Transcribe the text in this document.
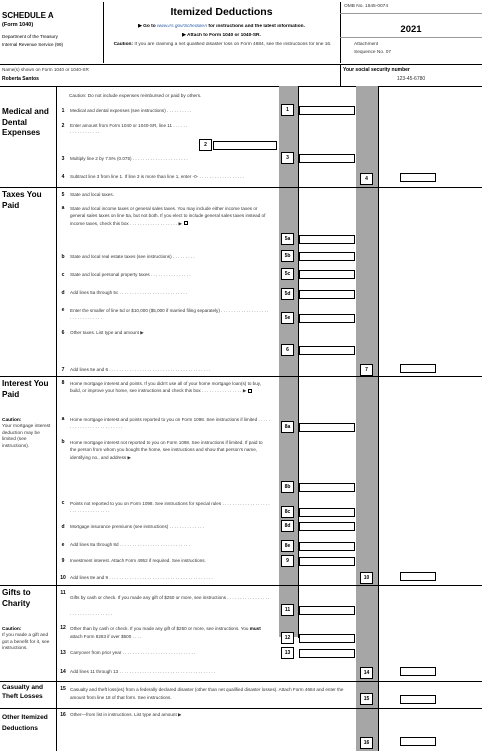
SCHEDULE A
(Form 1040)
Department of the Treasury
Internal Revenue Service (99)
Itemized Deductions
▶ Go to www.irs.gov/ScheduleA for instructions and the latest information.
▶ Attach to Form 1040 or 1040-SR.
Caution: If you are claiming a net qualified disaster loss on Form 4684, see the instructions for line 16.
OMB No. 1545-0074
2021
Attachment
Sequence No. 07
Name(s) shown on Form 1040 or 1040-SR
Roberta Santos
Your social security number
123-45-6780
Medical and Dental Expenses
Caution: Do not include expenses reimbursed or paid by others.
1	Medical and dental expenses (see instructions) . . . . . . . . . .	1
2	Enter amount from Form 1040 or 1040-SR, line 11 . . . . . . . . . . . . . . . . . .
2
3	Multiply line 2 by 7.5% (0.075) . . . . . . . . . . . . . . . . . . . . . .	3
4	Subtract line 3 from line 1. If line 3 is more than line 1, enter -0- . . . . . . . . . . . . . . . . . .	4
Taxes You Paid
5	State and local taxes.
a	State and local income taxes or general sales taxes. You may include either income taxes or general sales taxes on line 5a, but not both. If you elect to include general sales taxes instead of income taxes, check this box . . . . . . . . . . . . . . . . . . . ▶
5a
b	State and local real estate taxes (see instructions) . . . . . . . . .	5b
c	State and local personal property taxes . . . . . . . . . . . . . . . .	5c
d	Add lines 5a through 5c . . . . . . . . . . . . . . . . . . . . . . . . . . .	5d
e	Enter the smaller of line 5d or $10,000 ($5,000 if married filing separately) . . . . . . . . . . . . . . . . . . . . . . . . . . . . . . . .	5e
6	Other taxes. List type and amount ▶
6
7	Add lines 5e and 6 . . . . . . . . . . . . . . . . . . . . . . . . . . . . . . . . . . . . . . . .	7
Interest You Paid
Caution:
Your mortgage interest deduction may be limited (see instructions).
8	Home mortgage interest and points. If you didn't use all of your home mortgage loan(s) to buy, build, or improve your home, see instructions and check this box . . . . . . . . . . . . . . . . ▶
a	Home mortgage interest and points reported to you on Form 1098. See instructions if limited . . . . . . . . . . . . . . . . . . . . . . . . . .	8a
b	Home mortgage interest not reported to you on Form 1098. See instructions if limited. If paid to the person from whom you bought the home, see instructions and show that person's name, identifying no., and address ▶
8b
c	Points not reported to you on Form 1098. See instructions for special rules . . . . . . . . . . . . . . . . . . . . . . . . . . . . . . . . . . .	8c
d	Mortgage insurance premiums (see instructions) . . . . . . . . . . . . . .	8d
e	Add lines 8a through 8d . . . . . . . . . . . . . . . . . . . . . . . . . . . .	8e
9	Investment interest. Attach Form 4952 if required. See instructions.	9
10 Add lines 8e and 9 . . . . . . . . . . . . . . . . . . . . . . . . . . . . . . . . . . . . . . . . .	10
Gifts to Charity
Caution:
If you made a gift and got a benefit for it, see instructions.
11
Gifts by cash or check. If you made any gift of $250 or more, see instructions . . . . . . . . . . . . . . . . . . . . . . . . . . . . . . . . . .
11
12 Other than by cash or check. If you made any gift of $250 or more, see instructions. You must attach Form 8283 if over $500 . . . .	12
13 Carryover from prior year . . . . . . . . . . . . . . . . . . . . . . . . . . . . .	13
14 Add lines 11 through 13 . . . . . . . . . . . . . . . . . . . . . . . . . . . . . . . . . . . . . .	14
Casualty and Theft Losses
15 Casualty and theft loss(es) from a federally declared disaster (other than net qualified disaster losses). Attach Form 4684 and enter the amount from line 18 of that form. See instructions.	15
Other Itemized Deductions
16 Other—from list in instructions. List type and amount ▶
16
